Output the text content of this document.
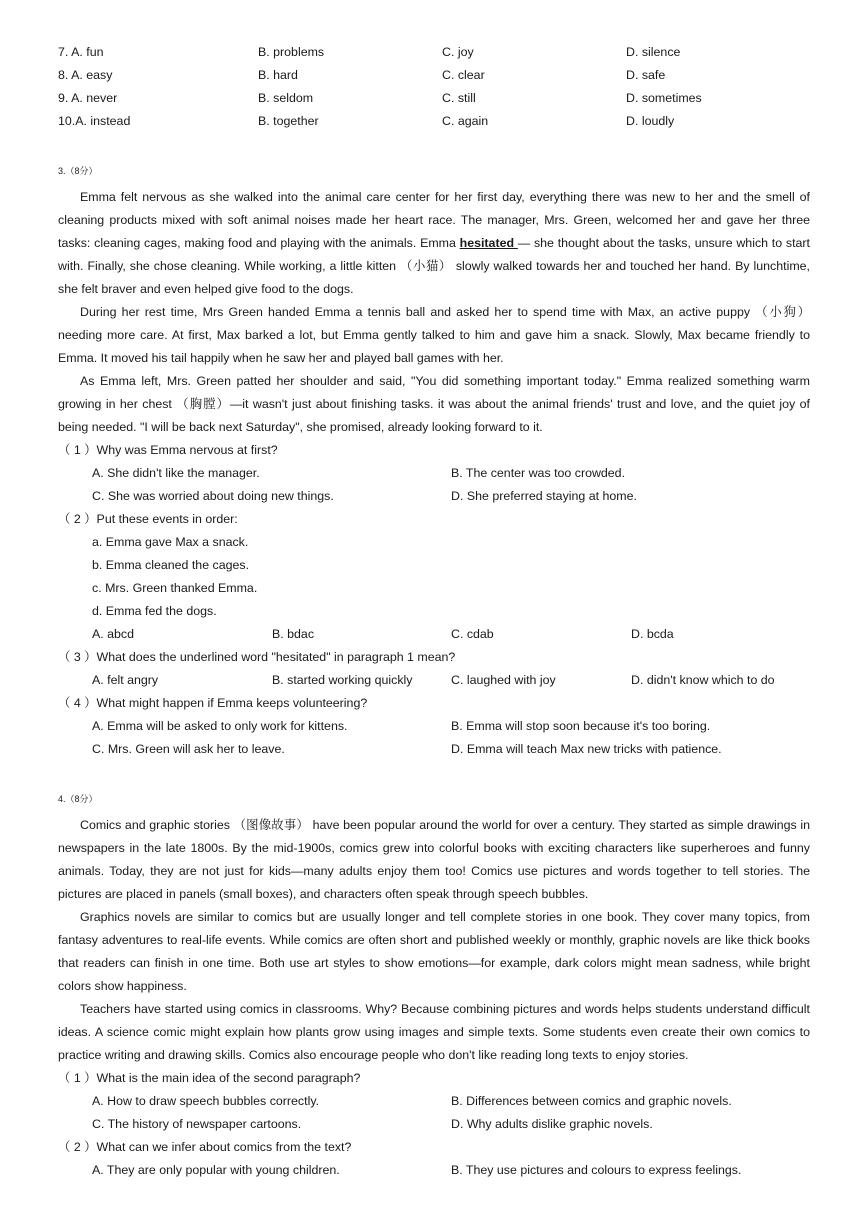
7. A. fun	B. problems	C. joy	D. silence
8. A. easy	B. hard	C. clear	D. safe
9. A. never	B. seldom	C. still	D. sometimes
10.A. instead	B. together	C. again	D. loudly
3.（8分）

Emma felt nervous as she walked into the animal care center for her first day, everything there was new to her and the smell of cleaning products mixed with soft animal noises made her heart race. The manager, Mrs. Green, welcomed her and gave her three tasks: cleaning cages, making food and playing with the animals. Emma hesitated — she thought about the tasks, unsure which to start with. Finally, she chose cleaning. While working, a little kitten （小猫） slowly walked towards her and touched her hand. By lunchtime, she felt braver and even helped give food to the dogs.

During her rest time, Mrs Green handed Emma a tennis ball and asked her to spend time with Max, an active puppy （小狗） needing more care. At first, Max barked a lot, but Emma gently talked to him and gave him a snack. Slowly, Max became friendly to Emma. It moved his tail happily when he saw her and played ball games with her.

As Emma left, Mrs. Green patted her shoulder and said, "You did something important today." Emma realized something warm growing in her chest （胸膛）—it wasn't just about finishing tasks. it was about the animal friends' trust and love, and the quiet joy of being needed. "I will be back next Saturday", she promised, already looking forward to it.

（ 1 ）Why was Emma nervous at first?
A. She didn't like the manager.	B. The center was too crowded.
C. She was worried about doing new things.	D. She preferred staying at home.
（ 2 ）Put these events in order:
a. Emma gave Max a snack.
b. Emma cleaned the cages.
c. Mrs. Green thanked Emma.
d. Emma fed the dogs.
A. abcd	B. bdac	C. cdab	D. bcda
（ 3 ）What does the underlined word "hesitated" in paragraph 1 mean?
A. felt angry	B. started working quickly	C. laughed with joy	D. didn't know which to do
（ 4 ）What might happen if Emma keeps volunteering?
A. Emma will be asked to only work for kittens.	B. Emma will stop soon because it's too boring.
C. Mrs. Green will ask her to leave.	D. Emma will teach Max new tricks with patience.
4.（8分）

Comics and graphic stories （图像故事） have been popular around the world for over a century. They started as simple drawings in newspapers in the late 1800s. By the mid-1900s, comics grew into colorful books with exciting characters like superheroes and funny animals. Today, they are not just for kids—many adults enjoy them too! Comics use pictures and words together to tell stories. The pictures are placed in panels (small boxes), and characters often speak through speech bubbles.

Graphics novels are similar to comics but are usually longer and tell complete stories in one book. They cover many topics, from fantasy adventures to real-life events. While comics are often short and published weekly or monthly, graphic novels are like thick books that readers can finish in one time. Both use art styles to show emotions—for example, dark colors might mean sadness, while bright colors show happiness.

Teachers have started using comics in classrooms. Why? Because combining pictures and words helps students understand difficult ideas. A science comic might explain how plants grow using images and simple texts. Some students even create their own comics to practice writing and drawing skills. Comics also encourage people who don't like reading long texts to enjoy stories.

（ 1 ）What is the main idea of the second paragraph?
A. How to draw speech bubbles correctly.	B. Differences between comics and graphic novels.
C. The history of newspaper cartoons.	D. Why adults dislike graphic novels.
（ 2 ）What can we infer about comics from the text?
A. They are only popular with young children.	B. They use pictures and colours to express feelings.
